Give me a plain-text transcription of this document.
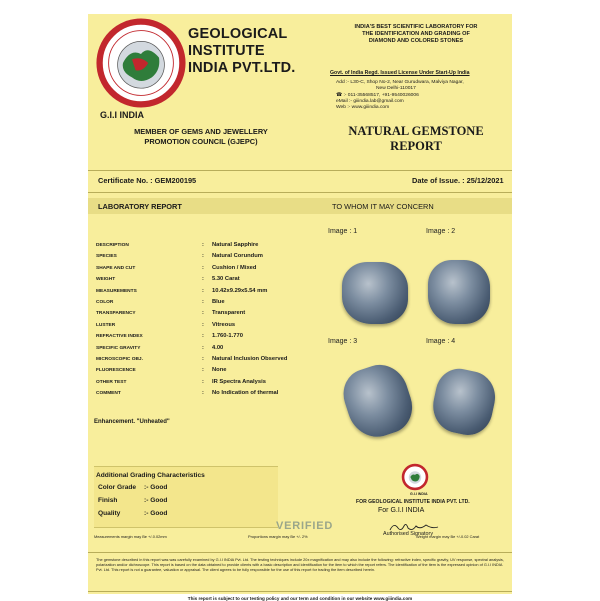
★	GEOLOGICAL
INSTITUTE
INDIA PVT.LTD.
G.I.I INDIA
MEMBER OF GEMS AND JEWELLERY
PROMOTION COUNCIL (GJEPC)
INDIA'S BEST SCIENTIFIC LABORATORY FOR
THE IDENTIFICATION AND GRADING OF
DIAMOND AND COLORED STONES
Govt. of India Regd. Issued License Under Start-Up India
Add :- L30-C, Shop No-2, Near Gurudwara, Malviya Nagar,
New Delhi-110017
☎ :- 011-35568517, +91-9540026006
eMail :- giiindia.lab@gmail.com
Web :- www.giiindia.com
NATURAL GEMSTONE
REPORT
Certificate No. : GEM200195	Date of Issue. : 25/12/2021
LABORATORY REPORT	TO WHOM IT MAY CONCERN
DESCRIPTION	: Natural Sapphire
SPECIES	: Natural Corundum
SHAPE AND CUT	: Cushion / Mixed
WEIGHT	: 5.30 Carat
MEASUREMENTS	: 10.42x9.29x5.54 mm
COLOR	: Blue
TRANSPARENCY	: Transparent
LUSTER	: Vitreous
REFRACTIVE INDEX	: 1.760-1.770
SPECIFIC GRAVITY	: 4.00
MICROSCOPIC OBJ.	: Natural Inclusion Observed
FLUORESCENCE	: None
OTHER TEST	: IR Spectra Analysis
COMMENT	: No Indication of thermal
Enhancement. "Unheated"
Image : 1	Image : 2
Image : 3	Image : 4
Additional Grading Characteristics
Color Grade :- Good
Finish	:- Good
Quality	:- Good
VERIFIED
G.I.I INDIA
FOR GEOLOGICAL INSTITUTE INDIA PVT. LTD.
For G.I.I INDIA
Authorised Signatory
Measurements margin may Be +/-0.02mm	Proportions margin may Be +/- 2%	Weight margin may Be +/-0.02 Carat
The gemstone described in this report was was carefully examined by G.I.I INDIA Pvt. Ltd. The testing techniques include 20x magnification and may also include the following: refractive index, specific gravity, UV response, spectral analysis, polarization and/or dichroscope. This report is based on the data obtained to provide clients with a basic description and identification for the item to which the report refers. The identification of the item is the expressed opinion of G.I.I INDIA Pvt. Ltd. This report is not a guarantee, valuation or appraisal. The client agrees to be fully responsible for the use of this report for trading the item described herein.
This report is subject to our testing policy and our term and condition in our website www.giiindia.com
